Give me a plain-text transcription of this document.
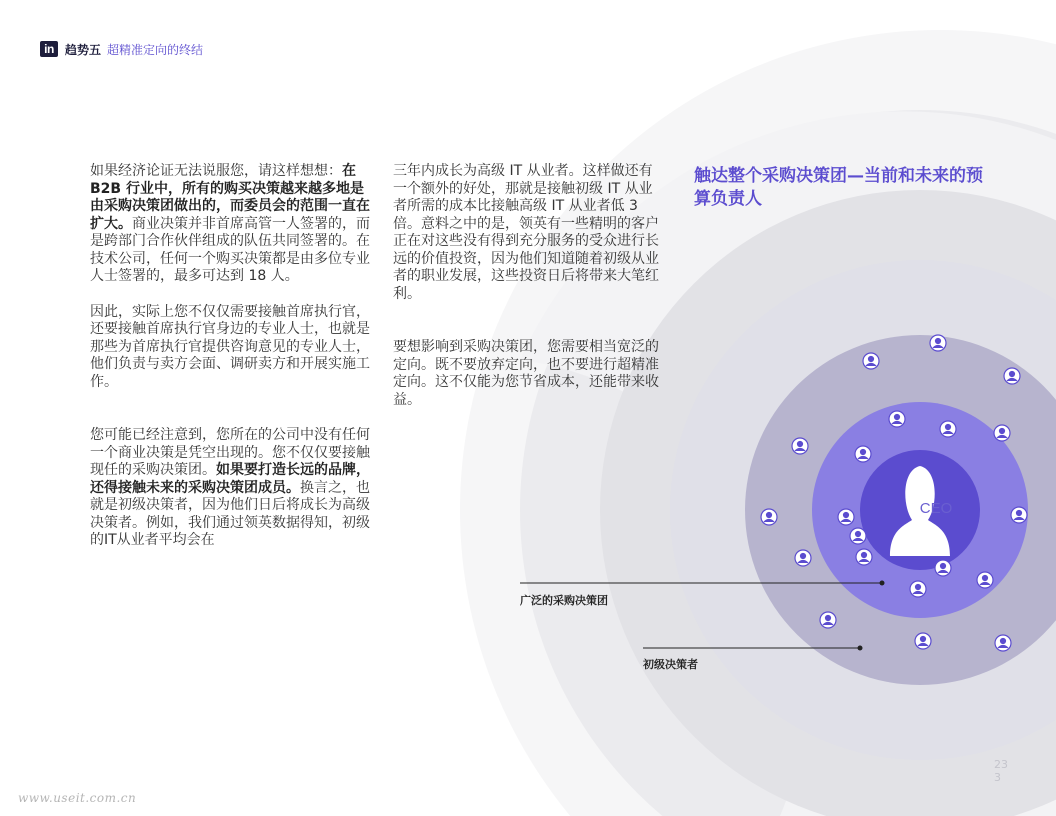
in 趋势五 超精准定向的终结

如果经济论证无法说服您，请这样想想：在 B2B 行业中，所有的购买决策越来越多地是由采购决策团做出的，而委员会的范围一直在扩大。商业决策并非首席高管一人签署的，而是跨部门合作伙伴组成的队伍共同签署的。在技术公司，任何一个购买决策都是由多位专业人士签署的，最多可达到 18 人。

因此，实际上您不仅仅需要接触首席执行官，还要接触首席执行官身边的专业人士，也就是那些为首席执行官提供咨询意见的专业人士，他们负责与卖方会面、调研卖方和开展实施工作。

您可能已经注意到，您所在的公司中没有任何一个商业决策是凭空出现的。您不仅仅要接触现任的采购决策团。如果要打造长远的品牌，还得接触未来的采购决策团成员。换言之，也就是初级决策者，因为他们日后将成长为高级决策者。例如，我们通过领英数据得知，初级的IT从业者平均会在

三年内成长为高级 IT 从业者。这样做还有一个额外的好处，那就是接触初级 IT 从业者所需的成本比接触高级 IT 从业者低 3 倍。意料之中的是，领英有一些精明的客户正在对这些没有得到充分服务的受众进行长远的价值投资，因为他们知道随着初级从业者的职业发展，这些投资日后将带来大笔红利。

要想影响到采购决策团，您需要相当宽泛的定向。既不要放弃定向，也不要进行超精准定向。这不仅能为您节省成本，还能带来收益。

触达整个采购决策团—当前和未来的预算负责人
CEO
广泛的采购决策团
初级决策者
23
3
www.useit.com.cn
